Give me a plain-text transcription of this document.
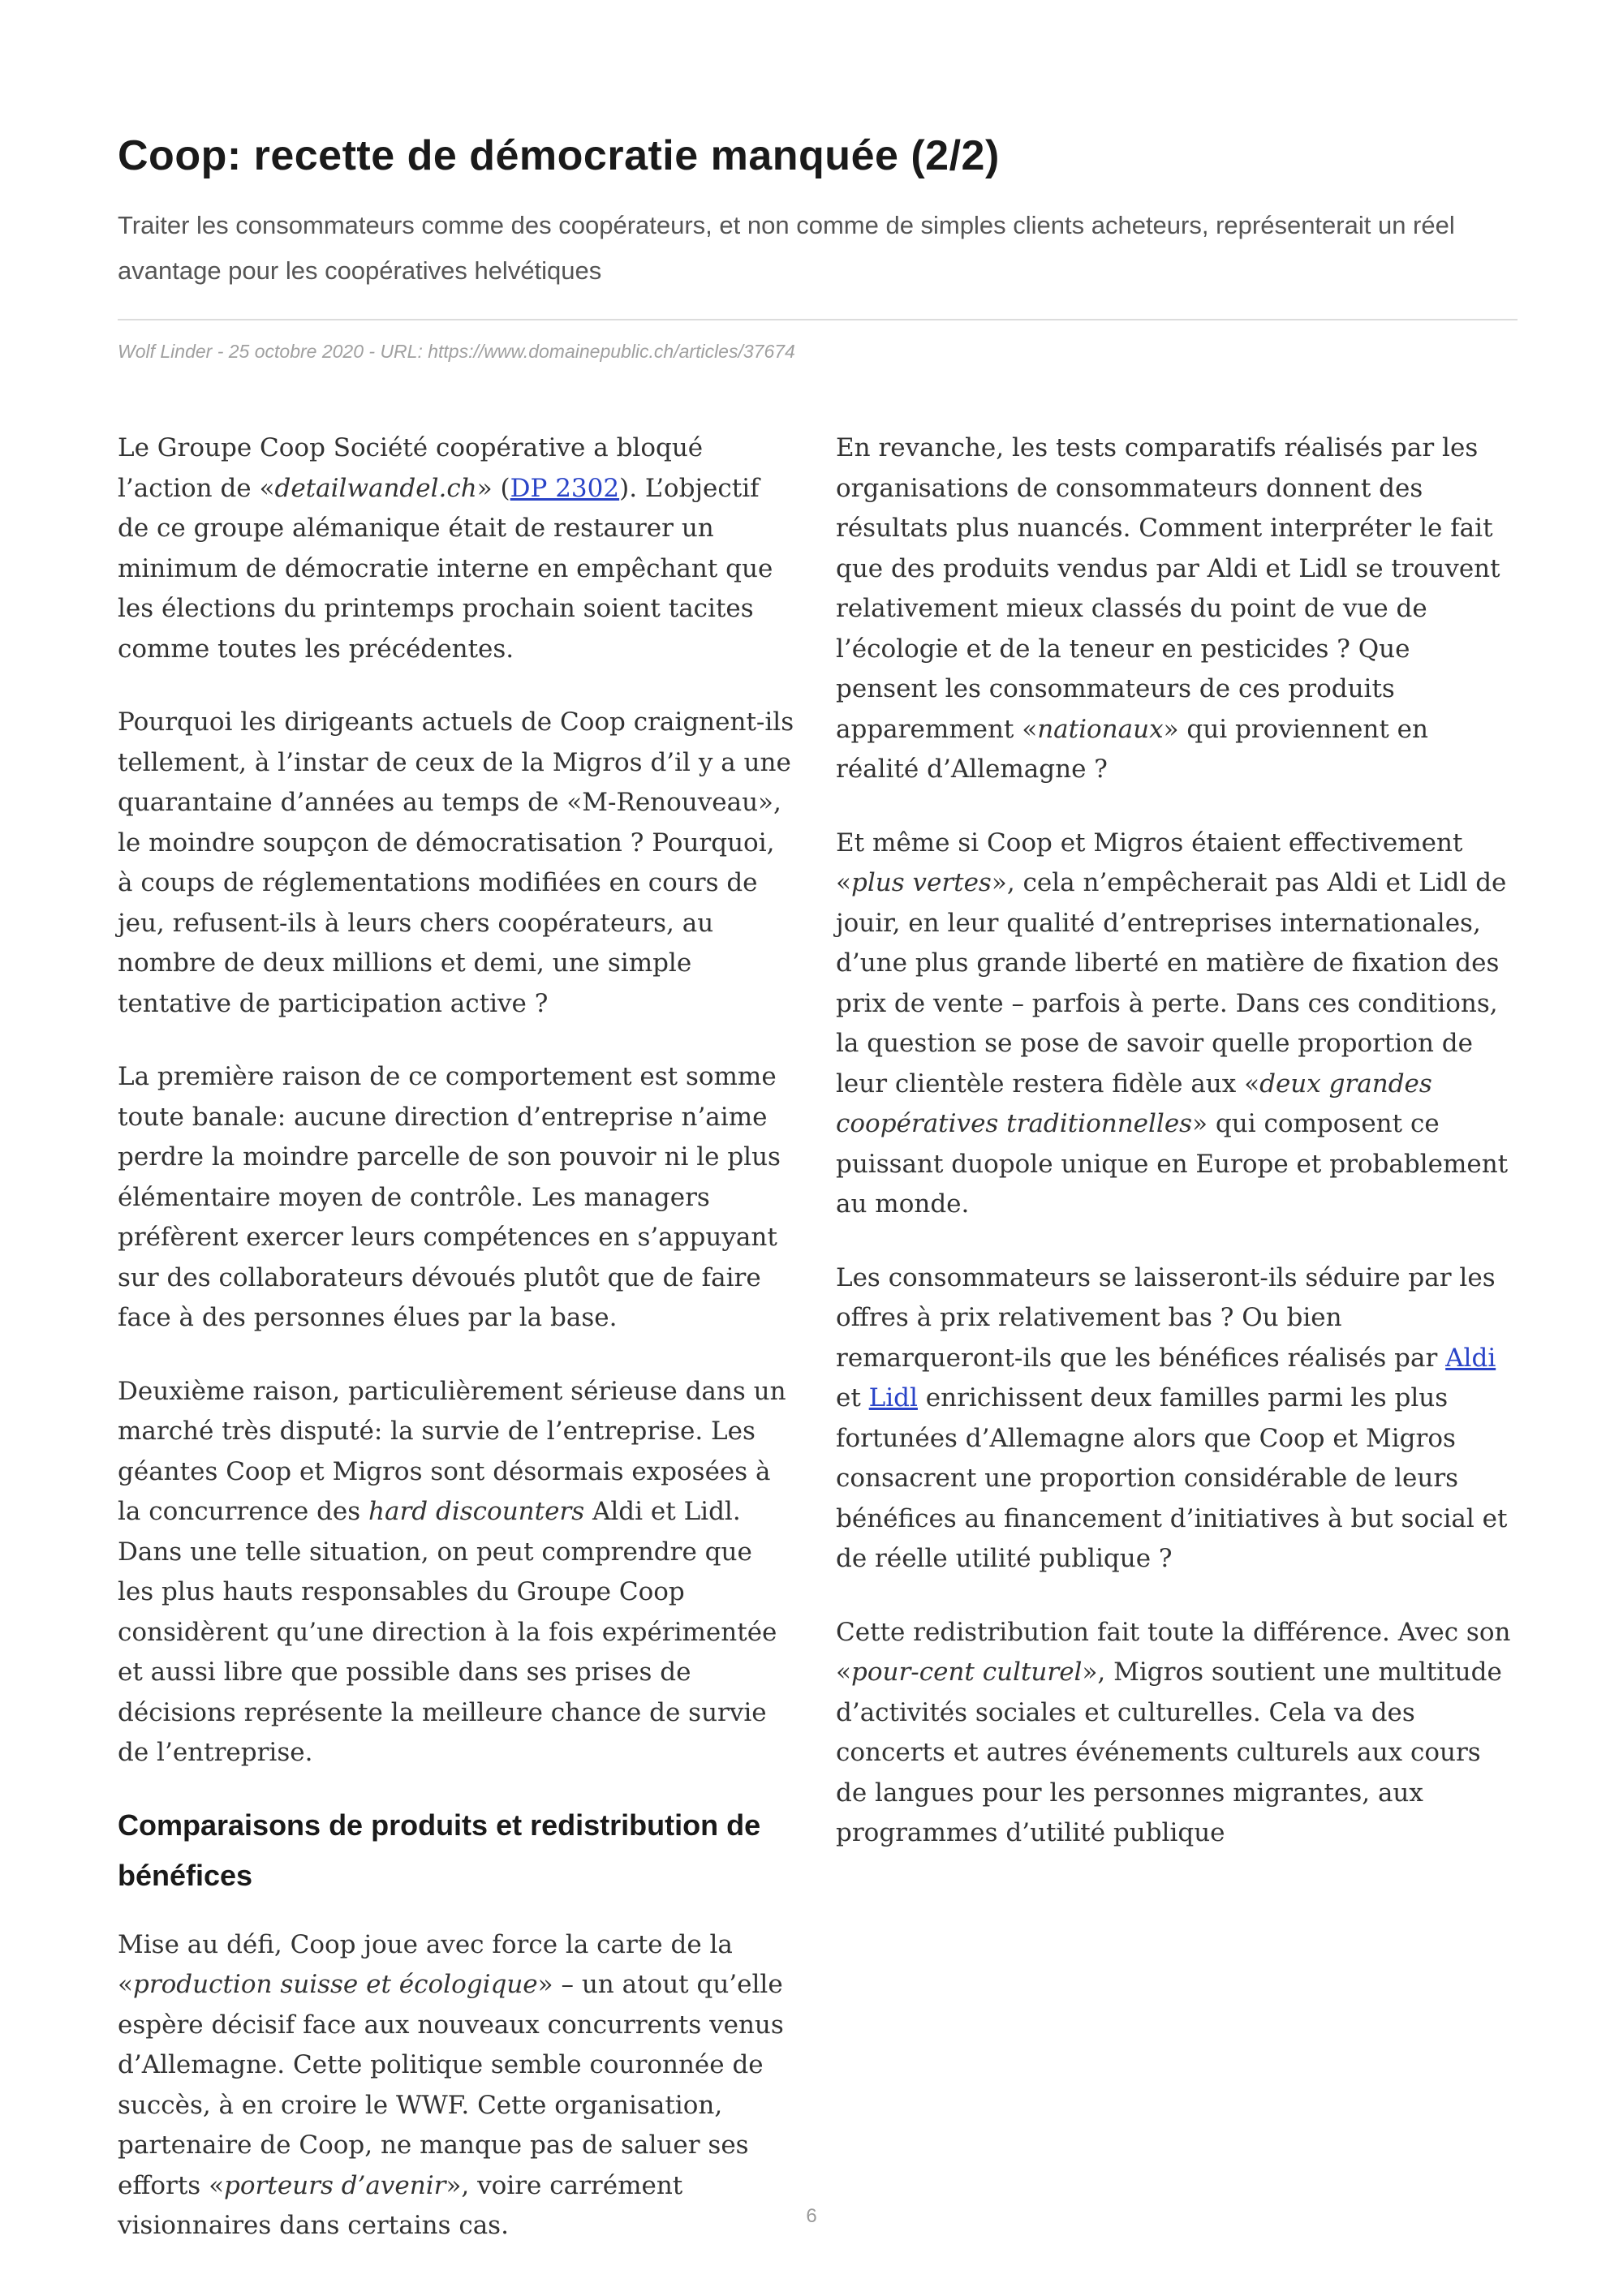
Coop: recette de démocratie manquée (2/2)

Traiter les consommateurs comme des coopérateurs, et non comme de simples clients acheteurs, représenterait un réel avantage pour les coopératives helvétiques

Wolf Linder - 25 octobre 2020 - URL: https://www.domainepublic.ch/articles/37674

Le Groupe Coop Société coopérative a bloqué l’action de «detailwandel.ch» (DP 2302). L’objectif de ce groupe alémanique était de restaurer un minimum de démocratie interne en empêchant que les élections du printemps prochain soient tacites comme toutes les précédentes.

Pourquoi les dirigeants actuels de Coop craignent-ils tellement, à l’instar de ceux de la Migros d’il y a une quarantaine d’années au temps de «M-Renouveau», le moindre soupçon de démocratisation ? Pourquoi, à coups de réglementations modifiées en cours de jeu, refusent-ils à leurs chers coopérateurs, au nombre de deux millions et demi, une simple tentative de participation active ?

La première raison de ce comportement est somme toute banale: aucune direction d’entreprise n’aime perdre la moindre parcelle de son pouvoir ni le plus élémentaire moyen de contrôle. Les managers préfèrent exercer leurs compétences en s’appuyant sur des collaborateurs dévoués plutôt que de faire face à des personnes élues par la base.

Deuxième raison, particulièrement sérieuse dans un marché très disputé: la survie de l’entreprise. Les géantes Coop et Migros sont désormais exposées à la concurrence des hard discounters Aldi et Lidl. Dans une telle situation, on peut comprendre que les plus hauts responsables du Groupe Coop considèrent qu’une direction à la fois expérimentée et aussi libre que possible dans ses prises de décisions représente la meilleure chance de survie de l’entreprise.

Comparaisons de produits et redistribution de bénéfices

Mise au défi, Coop joue avec force la carte de la «production suisse et écologique» – un atout qu’elle espère décisif face aux nouveaux concurrents venus d’Allemagne. Cette politique semble couronnée de succès, à en croire le WWF. Cette organisation, partenaire de Coop, ne manque pas de saluer ses efforts «porteurs d’avenir», voire carrément visionnaires dans certains cas.

En revanche, les tests comparatifs réalisés par les organisations de consommateurs donnent des résultats plus nuancés. Comment interpréter le fait que des produits vendus par Aldi et Lidl se trouvent relativement mieux classés du point de vue de l’écologie et de la teneur en pesticides ? Que pensent les consommateurs de ces produits apparemment «nationaux» qui proviennent en réalité d’Allemagne ?

Et même si Coop et Migros étaient effectivement «plus vertes», cela n’empêcherait pas Aldi et Lidl de jouir, en leur qualité d’entreprises internationales, d’une plus grande liberté en matière de fixation des prix de vente – parfois à perte. Dans ces conditions, la question se pose de savoir quelle proportion de leur clientèle restera fidèle aux «deux grandes coopératives traditionnelles» qui composent ce puissant duopole unique en Europe et probablement au monde.

Les consommateurs se laisseront-ils séduire par les offres à prix relativement bas ? Ou bien remarqueront-ils que les bénéfices réalisés par Aldi et Lidl enrichissent deux familles parmi les plus fortunées d’Allemagne alors que Coop et Migros consacrent une proportion considérable de leurs bénéfices au financement d’initiatives à but social et de réelle utilité publique ?

Cette redistribution fait toute la différence. Avec son «pour-cent culturel», Migros soutient une multitude d’activités sociales et culturelles. Cela va des concerts et autres événements culturels aux cours de langues pour les personnes migrantes, aux programmes d’utilité publique

6
